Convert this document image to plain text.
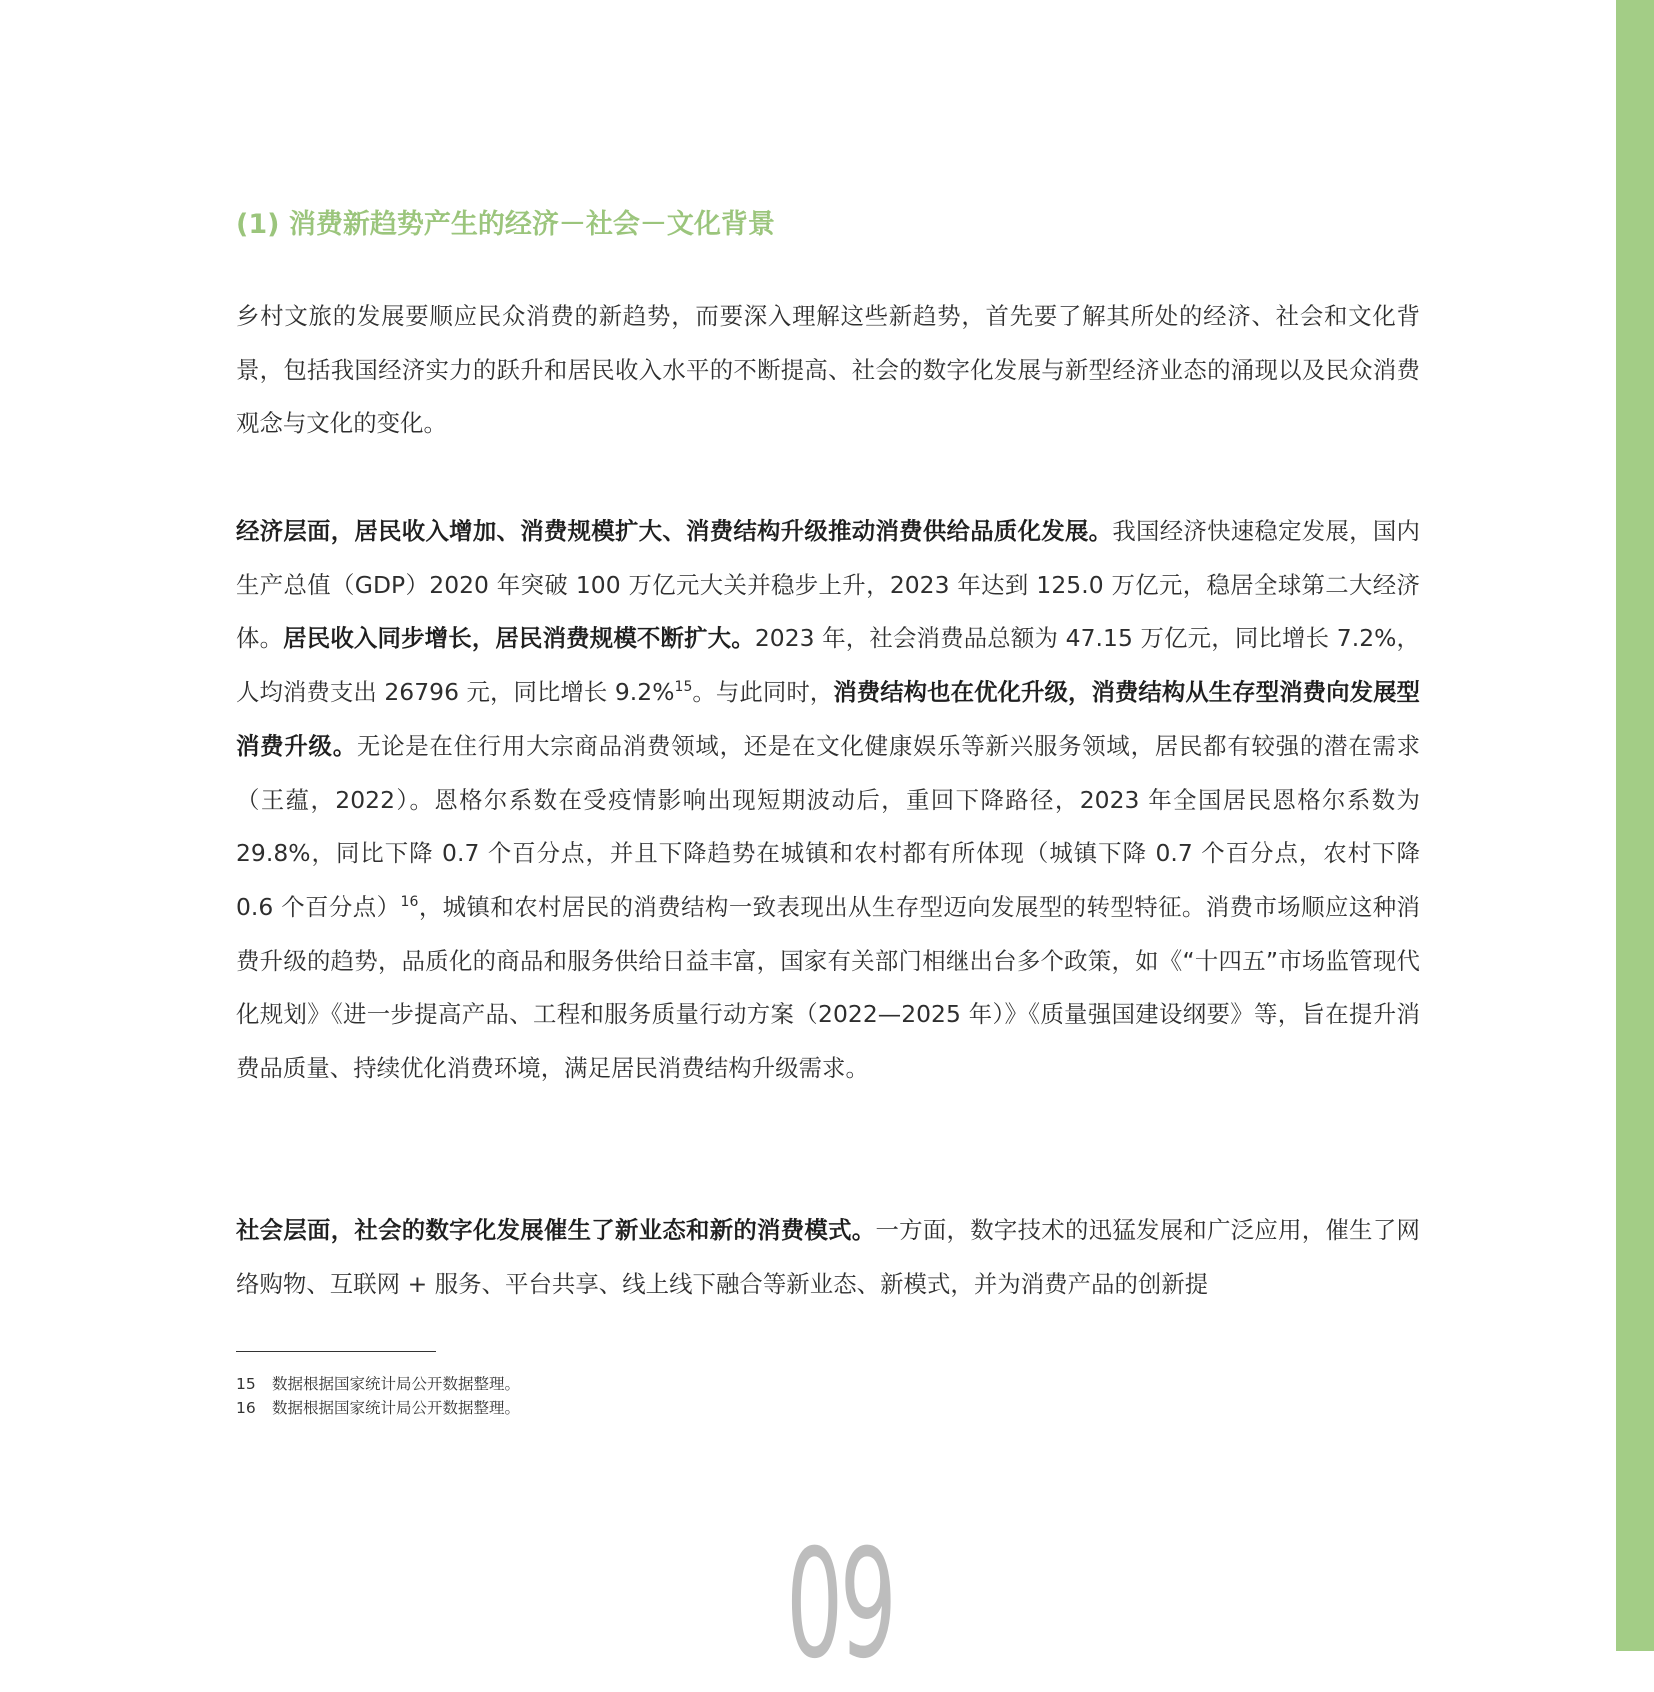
(1) 消费新趋势产生的经济－社会－文化背景

乡村文旅的发展要顺应民众消费的新趋势，而要深入理解这些新趋势，首先要了解其所处的经济、社会和文化背景，包括我国经济实力的跃升和居民收入水平的不断提高、社会的数字化发展与新型经济业态的涌现以及民众消费观念与文化的变化。

经济层面，居民收入增加、消费规模扩大、消费结构升级推动消费供给品质化发展。我国经济快速稳定发展，国内生产总值（GDP）2020 年突破 100 万亿元大关并稳步上升，2023 年达到 125.0 万亿元，稳居全球第二大经济体。居民收入同步增长，居民消费规模不断扩大。2023 年，社会消费品总额为 47.15 万亿元，同比增长 7.2%，人均消费支出 26796 元，同比增长 9.2%$^{15}$。与此同时，消费结构也在优化升级，消费结构从生存型消费向发展型消费升级。无论是在住行用大宗商品消费领域，还是在文化健康娱乐等新兴服务领域，居民都有较强的潜在需求（王蕴，2022）。恩格尔系数在受疫情影响出现短期波动后，重回下降路径，2023 年全国居民恩格尔系数为 29.8%，同比下降 0.7 个百分点，并且下降趋势在城镇和农村都有所体现（城镇下降 0.7 个百分点，农村下降 0.6 个百分点）$^{16}$，城镇和农村居民的消费结构一致表现出从生存型迈向发展型的转型特征。消费市场顺应这种消费升级的趋势，品质化的商品和服务供给日益丰富，国家有关部门相继出台多个政策，如《“十四五”市场监管现代化规划》《进一步提高产品、工程和服务质量行动方案（2022—2025 年）》《质量强国建设纲要》等，旨在提升消费品质量、持续优化消费环境，满足居民消费结构升级需求。

社会层面，社会的数字化发展催生了新业态和新的消费模式。一方面，数字技术的迅猛发展和广泛应用，催生了网络购物、互联网 + 服务、平台共享、线上线下融合等新业态、新模式，并为消费产品的创新提

15 数据根据国家统计局公开数据整理。
16 数据根据国家统计局公开数据整理。
09
